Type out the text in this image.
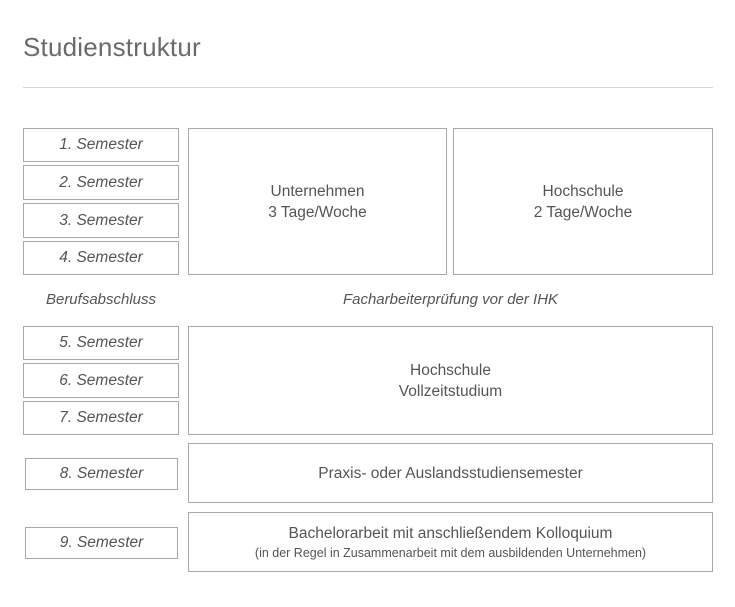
Studienstruktur
1. Semester
2. Semester
3. Semester
4. Semester
Unternehmen
3 Tage/Woche
Hochschule
2 Tage/Woche
Berufsabschluss	Facharbeiterprüfung vor der IHK
5. Semester
6. Semester
7. Semester
Hochschule
Vollzeitstudium
8. Semester	Praxis- oder Auslandsstudiensemester
9. Semester
Bachelorarbeit mit anschließendem Kolloquium
(in der Regel in Zusammenarbeit mit dem ausbildenden Unternehmen)
